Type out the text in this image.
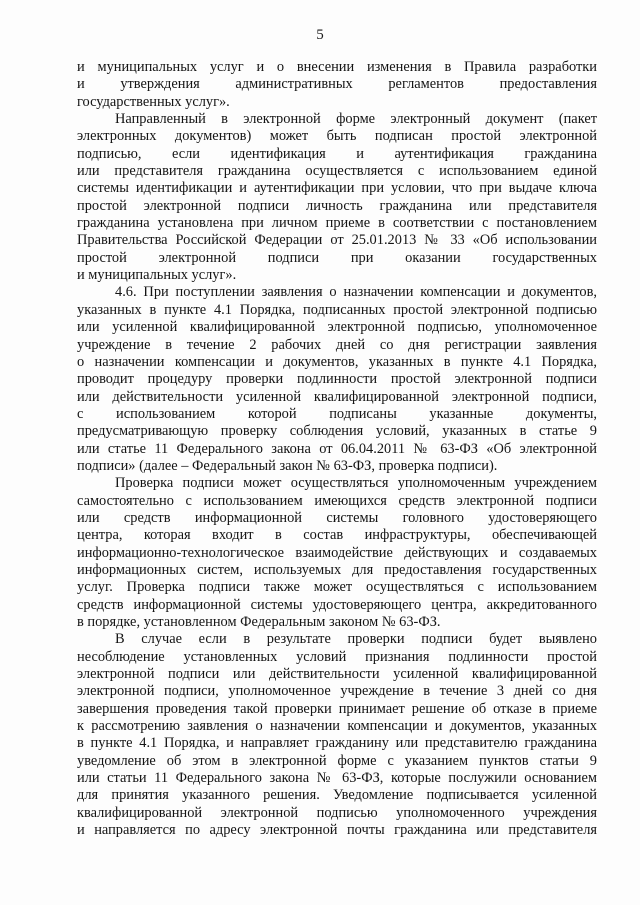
5
и муниципальных услуг и о внесении изменения в Правила разработки
и утверждения административных регламентов предоставления
государственных услуг».
Направленный в электронной форме электронный документ (пакет
электронных документов) может быть подписан простой электронной
подписью, если идентификация и аутентификация гражданина
или представителя гражданина осуществляется с использованием единой
системы идентификации и аутентификации при условии, что при выдаче ключа
простой электронной подписи личность гражданина или представителя
гражданина установлена при личном приеме в соответствии с постановлением
Правительства Российской Федерации от 25.01.2013 № 33 «Об использовании
простой электронной подписи при оказании государственных
и муниципальных услуг».
4.6. При поступлении заявления о назначении компенсации и документов,
указанных в пункте 4.1 Порядка, подписанных простой электронной подписью
или усиленной квалифицированной электронной подписью, уполномоченное
учреждение в течение 2 рабочих дней со дня регистрации заявления
о назначении компенсации и документов, указанных в пункте 4.1 Порядка,
проводит процедуру проверки подлинности простой электронной подписи
или действительности усиленной квалифицированной электронной подписи,
с использованием которой подписаны указанные документы,
предусматривающую проверку соблюдения условий, указанных в статье 9
или статье 11 Федерального закона от 06.04.2011 № 63-ФЗ «Об электронной
подписи» (далее – Федеральный закон № 63-ФЗ, проверка подписи).
Проверка подписи может осуществляться уполномоченным учреждением
самостоятельно с использованием имеющихся средств электронной подписи
или средств информационной системы головного удостоверяющего
центра, которая входит в состав инфраструктуры, обеспечивающей
информационно-технологическое взаимодействие действующих и создаваемых
информационных систем, используемых для предоставления государственных
услуг. Проверка подписи также может осуществляться с использованием
средств информационной системы удостоверяющего центра, аккредитованного
в порядке, установленном Федеральным законом № 63-ФЗ.
В случае если в результате проверки подписи будет выявлено
несоблюдение установленных условий признания подлинности простой
электронной подписи или действительности усиленной квалифицированной
электронной подписи, уполномоченное учреждение в течение 3 дней со дня
завершения проведения такой проверки принимает решение об отказе в приеме
к рассмотрению заявления о назначении компенсации и документов, указанных
в пункте 4.1 Порядка, и направляет гражданину или представителю гражданина
уведомление об этом в электронной форме с указанием пунктов статьи 9
или статьи 11 Федерального закона № 63-ФЗ, которые послужили основанием
для принятия указанного решения. Уведомление подписывается усиленной
квалифицированной электронной подписью уполномоченного учреждения
и направляется по адресу электронной почты гражданина или представителя
